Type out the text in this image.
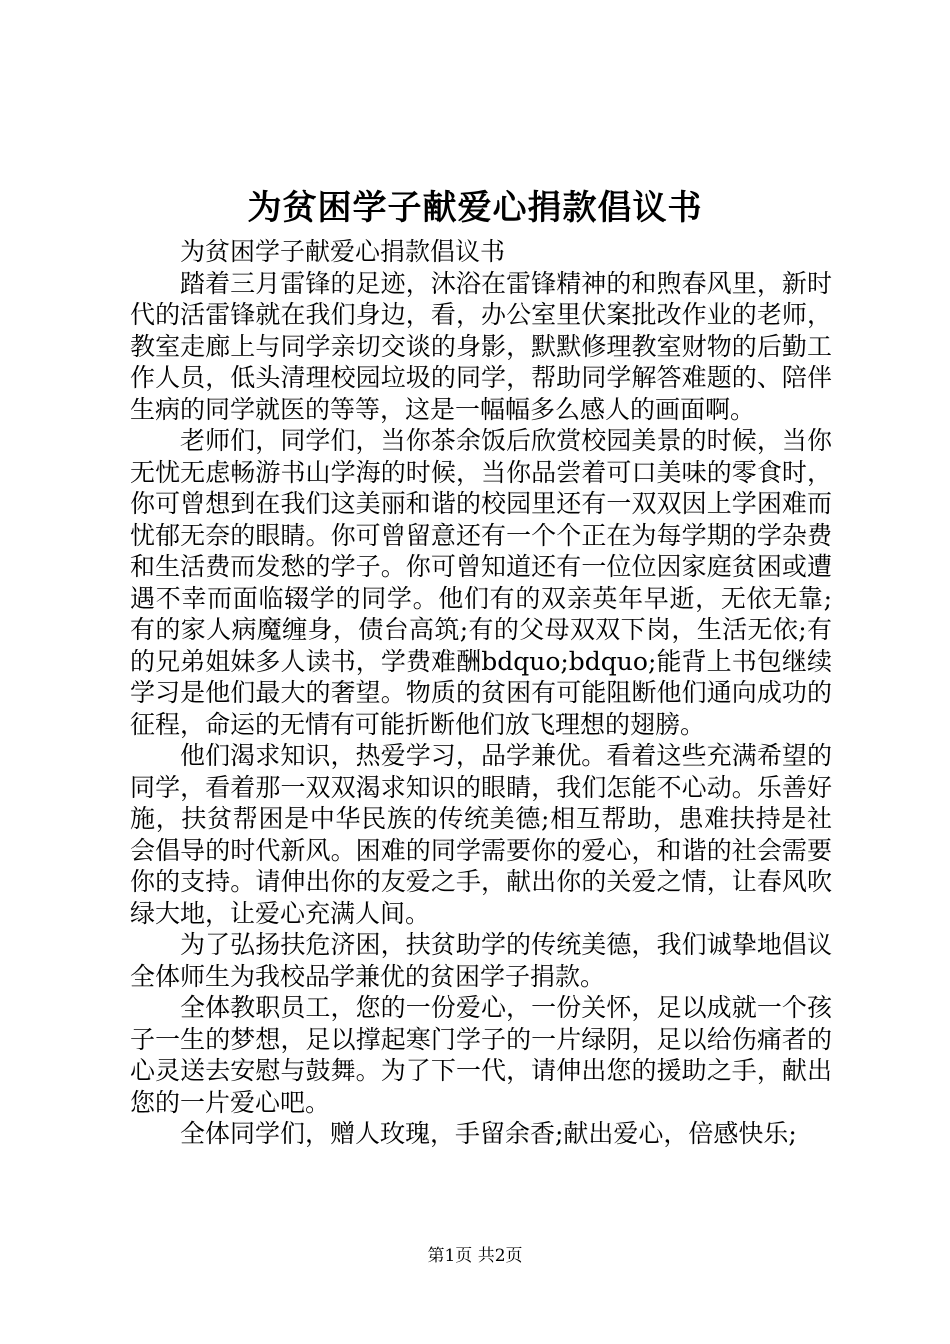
为贫困学子献爱心捐款倡议书

为贫困学子献爱心捐款倡议书

踏着三月雷锋的足迹，沐浴在雷锋精神的和煦春风里，新时代的活雷锋就在我们身边，看，办公室里伏案批改作业的老师，教室走廊上与同学亲切交谈的身影，默默修理教室财物的后勤工作人员，低头清理校园垃圾的同学，帮助同学解答难题的、陪伴生病的同学就医的等等，这是一幅幅多么感人的画面啊。

老师们，同学们，当你茶余饭后欣赏校园美景的时候，当你无忧无虑畅游书山学海的时候，当你品尝着可口美味的零食时，你可曾想到在我们这美丽和谐的校园里还有一双双因上学困难而忧郁无奈的眼睛。你可曾留意还有一个个正在为每学期的学杂费和生活费而发愁的学子。你可曾知道还有一位位因家庭贫困或遭遇不幸而面临辍学的同学。他们有的双亲英年早逝，无依无靠;有的家人病魔缠身，债台高筑;有的父母双双下岗，生活无依;有的兄弟姐妹多人读书，学费难酬bdquo;bdquo;能背上书包继续学习是他们最大的奢望。物质的贫困有可能阻断他们通向成功的征程，命运的无情有可能折断他们放飞理想的翅膀。

他们渴求知识，热爱学习，品学兼优。看着这些充满希望的同学，看着那一双双渴求知识的眼睛，我们怎能不心动。乐善好施，扶贫帮困是中华民族的传统美德;相互帮助，患难扶持是社会倡导的时代新风。困难的同学需要你的爱心，和谐的社会需要你的支持。请伸出你的友爱之手，献出你的关爱之情，让春风吹绿大地，让爱心充满人间。

为了弘扬扶危济困，扶贫助学的传统美德，我们诚挚地倡议全体师生为我校品学兼优的贫困学子捐款。

全体教职员工，您的一份爱心，一份关怀，足以成就一个孩子一生的梦想，足以撑起寒门学子的一片绿阴，足以给伤痛者的心灵送去安慰与鼓舞。为了下一代，请伸出您的援助之手，献出您的一片爱心吧。

全体同学们，赠人玫瑰，手留余香;献出爱心，倍感快乐;

第1页 共2页
